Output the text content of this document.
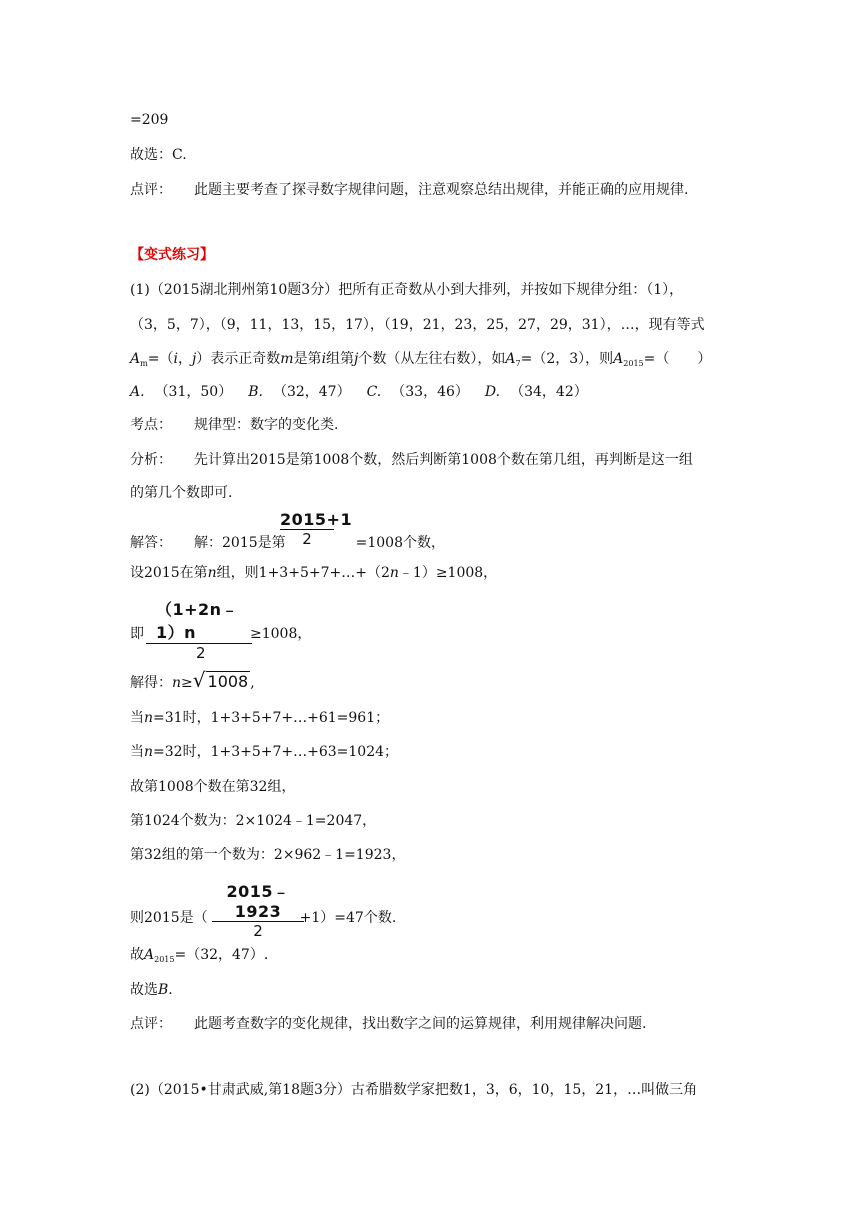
=209
故选：C.
点评： 此题主要考查了探寻数字规律问题，注意观察总结出规律，并能正确的应用规律.
【变式练习】
(1)（2015湖北荆州第10题3分）把所有正奇数从小到大排列，并按如下规律分组：（1），
（3，5，7），（9，11，13，15，17），（19，21，23，25，27，29，31），…，现有等式
$A_m=(i$，j）表示正奇数m是第i组第j个数（从左往右数），如$A_7=(2$，3），则$A_{2015}=$（　　）
A. （31，50） B. （32，47） C. （33，46） D. （34，42）
考点： 规律型：数字的变化类.
分析： 先计算出2015是第1008个数，然后判断第1008个数在第几组，再判断是这一组
的第几个数即可.
$\frac{2015+1}{2}$
解答： 解：2015是第	=1008个数，
设2015在第n组，则1+3+5+7+…+（2n﹣1）≥1008，
$\frac{(1+2n﹣1)n}{2}$
即	≥1008，
解得：n≥√ 1008 ,
当n=31时，1+3+5+7+…+61=961；
当n=32时，1+3+5+7+…+63=1024；
故第1008个数在第32组，
第1024个数为：2×1024﹣1=2047，
第32组的第一个数为：2×962﹣1=1923，
$\frac{2015﹣1923}{2}$
则2015是（	+1）=47个数.
故$A_{2015}=(32$，47）.
故选B.
点评： 此题考查数字的变化规律，找出数字之间的运算规律，利用规律解决问题.
(2)（2015•甘肃武威,第18题3分）古希腊数学家把数1，3，6，10，15，21，…叫做三角
